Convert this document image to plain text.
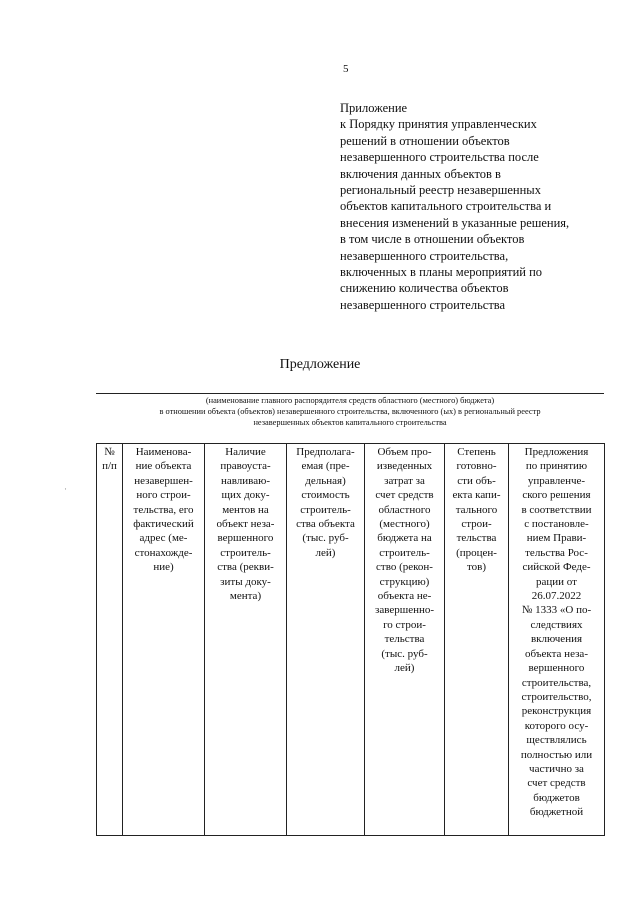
5
Приложение
к Порядку принятия управленческих
решений в отношении объектов
незавершенного строительства после
включения данных объектов в
региональный реестр незавершенных
объектов капитального строительства и
внесения изменений в указанные решения,
в том числе в отношении объектов
незавершенного строительства,
включенных в планы мероприятий по
снижению количества объектов
незавершенного строительства
Предложение
(наименование главного распорядителя средств областного (местного) бюджета)
в отношении объекта (объектов) незавершенного строительства, включенного (ых) в региональный реестр
незавершенных объектов капитального строительства
·
№
п/п

Наименова-
ние объекта
незавершен-
ного строи-
тельства, его
фактический
адрес (ме-
стонахожде-
ние)

Наличие
правоуста-
навливаю-
щих доку-
ментов на
объект неза-
вершенного
строитель-
ства (рекви-
зиты доку-
мента)

Предполага-
емая (пре-
дельная)
стоимость
строитель-
ства объекта
(тыс. руб-
лей)

Объем про-
изведенных
затрат за
счет средств
областного
(местного)
бюджета на
строитель-
ство (рекон-
струкцию)
объекта не-
завершенно-
го строи-
тельства
(тыс. руб-
лей)

Степень
готовно-
сти объ-
екта капи-
тального
строи-
тельства
(процен-
тов)

Предложения
по принятию
управленче-
ского решения
в соответствии
с постановле-
нием Прави-
тельства Рос-
сийской Феде-
рации от
26.07.2022
№ 1333 «О по-
следствиях
включения
объекта неза-
вершенного
строительства,
строительство,
реконструкция
которого осу-
ществлялись
полностью или
частично за
счет средств
бюджетов
бюджетной
